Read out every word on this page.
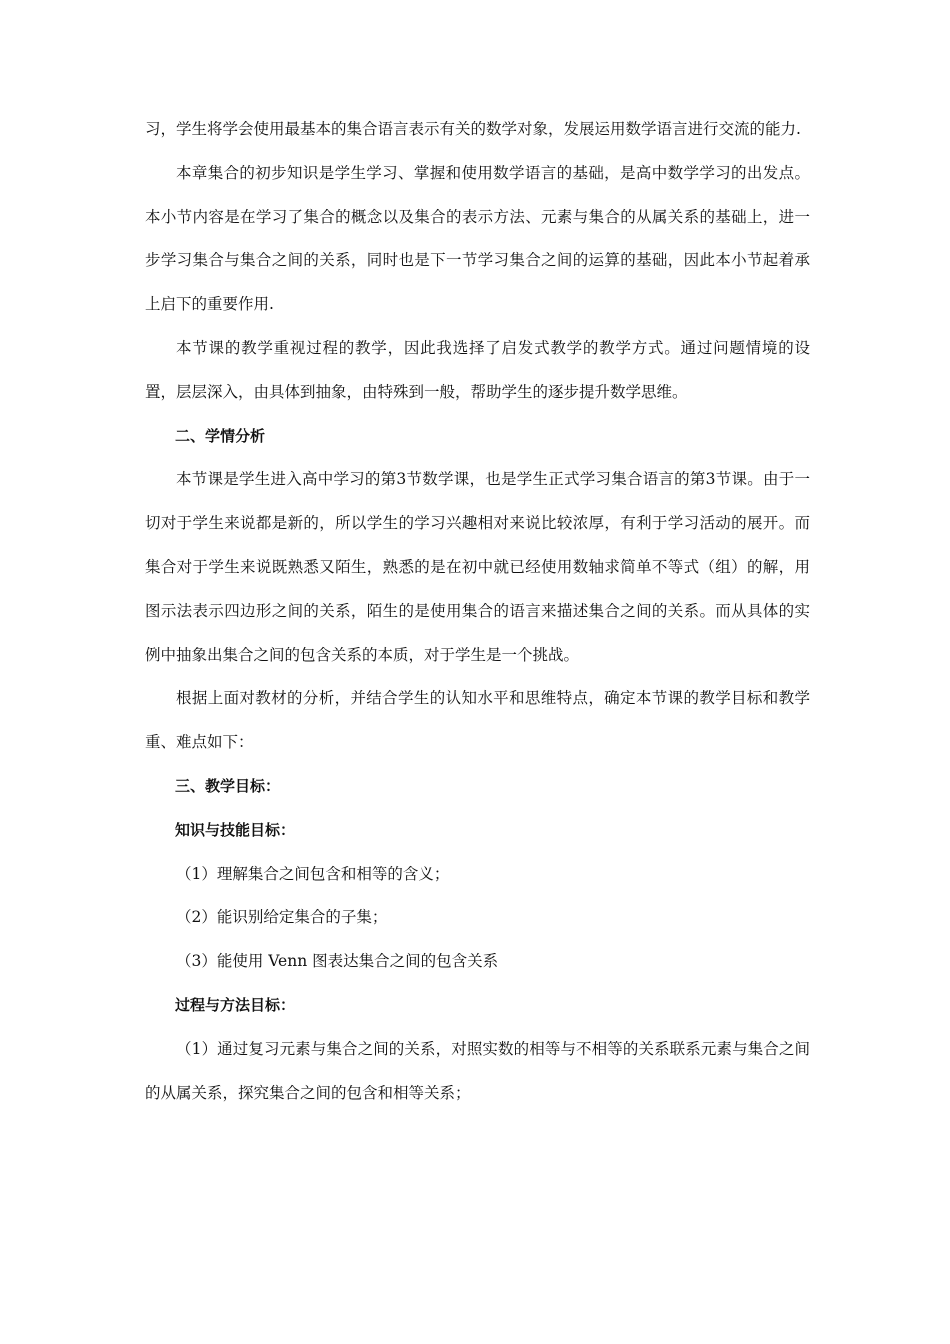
习，学生将学会使用最基本的集合语言表示有关的数学对象，发展运用数学语言进行交流的能力.

本章集合的初步知识是学生学习、掌握和使用数学语言的基础，是高中数学学习的出发点。本小节内容是在学习了集合的概念以及集合的表示方法、元素与集合的从属关系的基础上，进一步学习集合与集合之间的关系，同时也是下一节学习集合之间的运算的基础，因此本小节起着承上启下的重要作用.

本节课的教学重视过程的教学，因此我选择了启发式教学的教学方式。通过问题情境的设置，层层深入，由具体到抽象，由特殊到一般，帮助学生的逐步提升数学思维。

二、学情分析

本节课是学生进入高中学习的第3节数学课，也是学生正式学习集合语言的第3节课。由于一切对于学生来说都是新的，所以学生的学习兴趣相对来说比较浓厚，有利于学习活动的展开。而集合对于学生来说既熟悉又陌生，熟悉的是在初中就已经使用数轴求简单不等式（组）的解，用图示法表示四边形之间的关系，陌生的是使用集合的语言来描述集合之间的关系。而从具体的实例中抽象出集合之间的包含关系的本质，对于学生是一个挑战。

根据上面对教材的分析，并结合学生的认知水平和思维特点，确定本节课的教学目标和教学重、难点如下：

三、教学目标：

知识与技能目标：

（1）理解集合之间包含和相等的含义；

（2）能识别给定集合的子集；

（3）能使用 Venn 图表达集合之间的包含关系

过程与方法目标：

（1）通过复习元素与集合之间的关系，对照实数的相等与不相等的关系联系元素与集合之间的从属关系，探究集合之间的包含和相等关系；
